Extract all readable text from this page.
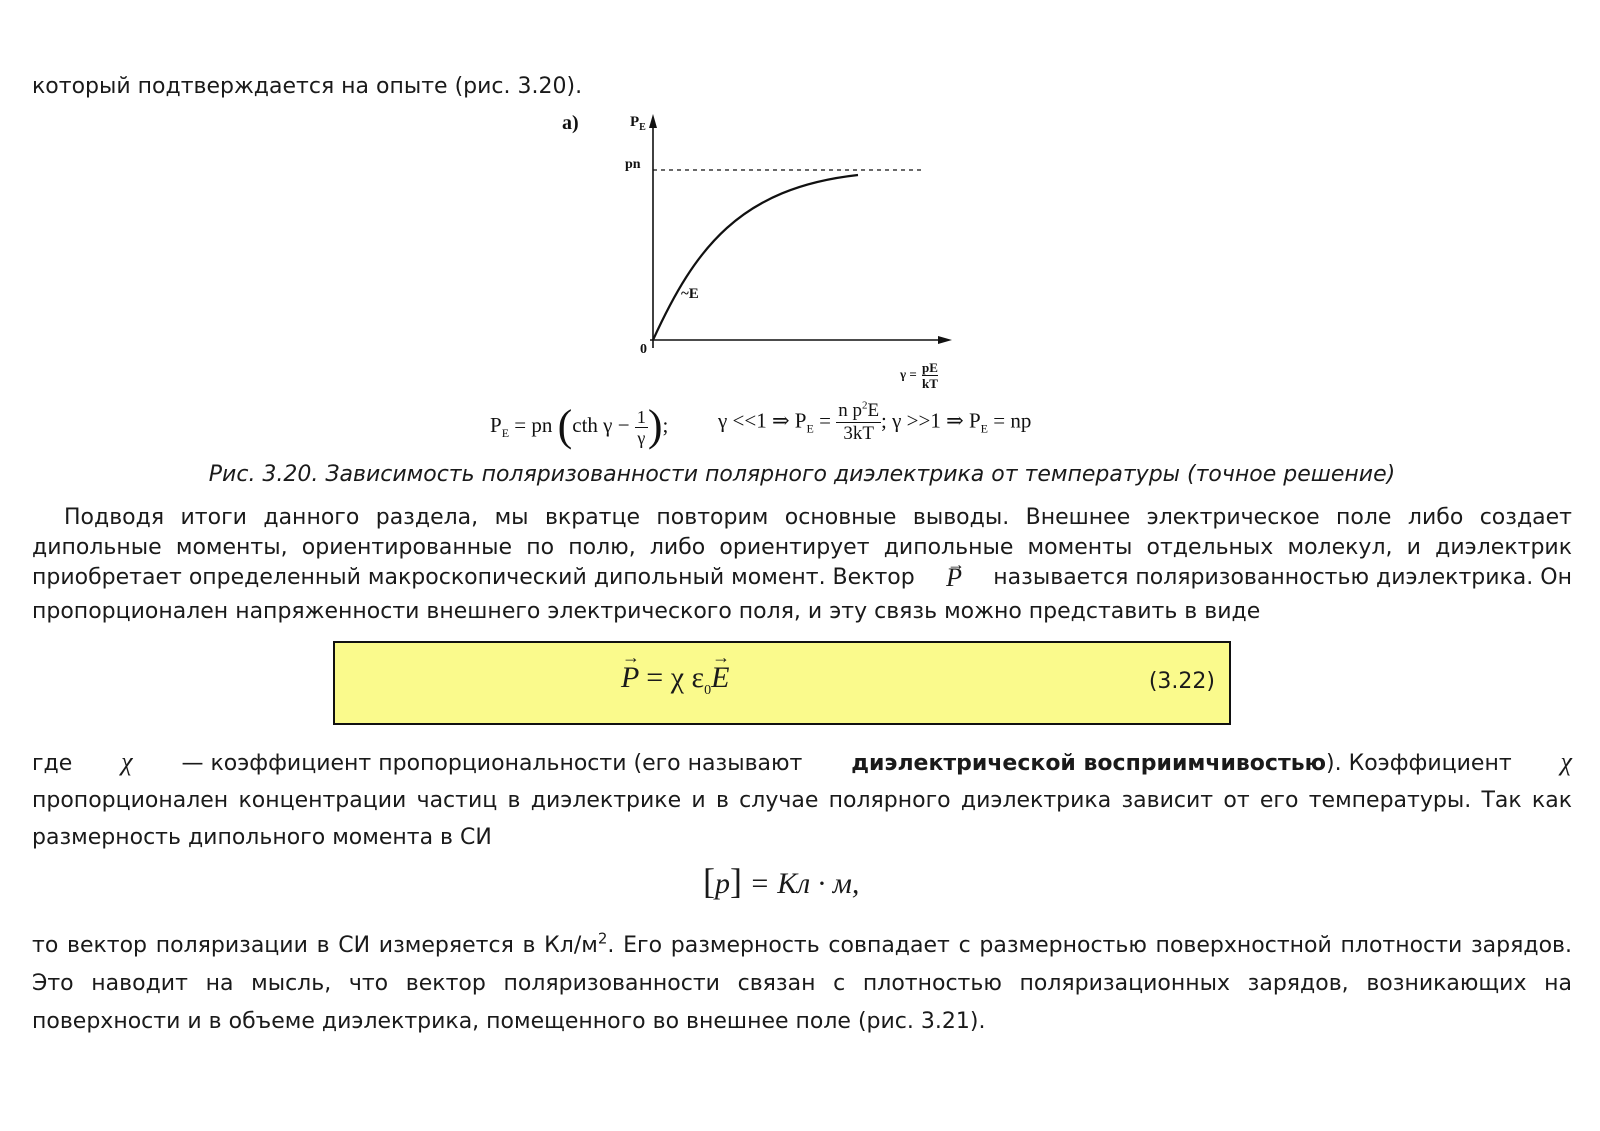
который подтверждается на опыте (рис. 3.20).
а)	$P_E$
pn
~E
0
$\gamma = \frac{pE}{kT}$
$P_E$ = pn (cth $\gamma - \frac{1}{\gamma}$ ); γ <<1 ⇒ $P_E = \frac{n p^2E}{3kT}$ ; γ >>1 ⇒ $P_E$ = np
Рис. 3.20. Зависимость поляризованности полярного диэлектрика от температуры (точное решение)
Подводя итоги данного раздела, мы вкратце повторим основные выводы. Внешнее электрическое поле либо создает
дипольные моменты, ориентированные по полю, либо ориентирует дипольные моменты отдельных молекул, и диэлектрик
приобретает определенный макроскопический дипольный момент. Вектор
→ P называется поляризованностью диэлектрика. Он
пропорционален напряженности внешнего электрического поля, и эту связь можно представить в виде
→ P = χ $\varepsilon_0\to E$	(3.22)
где χ — коэффициент пропорциональности (его называют диэлектрической восприимчивостью). Коэффициент χ
пропорционален концентрации частиц в диэлектрике и в случае полярного диэлектрика зависит от его температуры. Так как
размерность дипольного момента в СИ
[p] = Кл · м,
то вектор поляризации в СИ измеряется в $Кл/м^2$. Его размерность совпадает с размерностью поверхностной плотности зарядов.
Это наводит на мысль, что вектор поляризованности связан с плотностью поляризационных зарядов, возникающих на
поверхности и в объеме диэлектрика, помещенного во внешнее поле (рис. 3.21).
